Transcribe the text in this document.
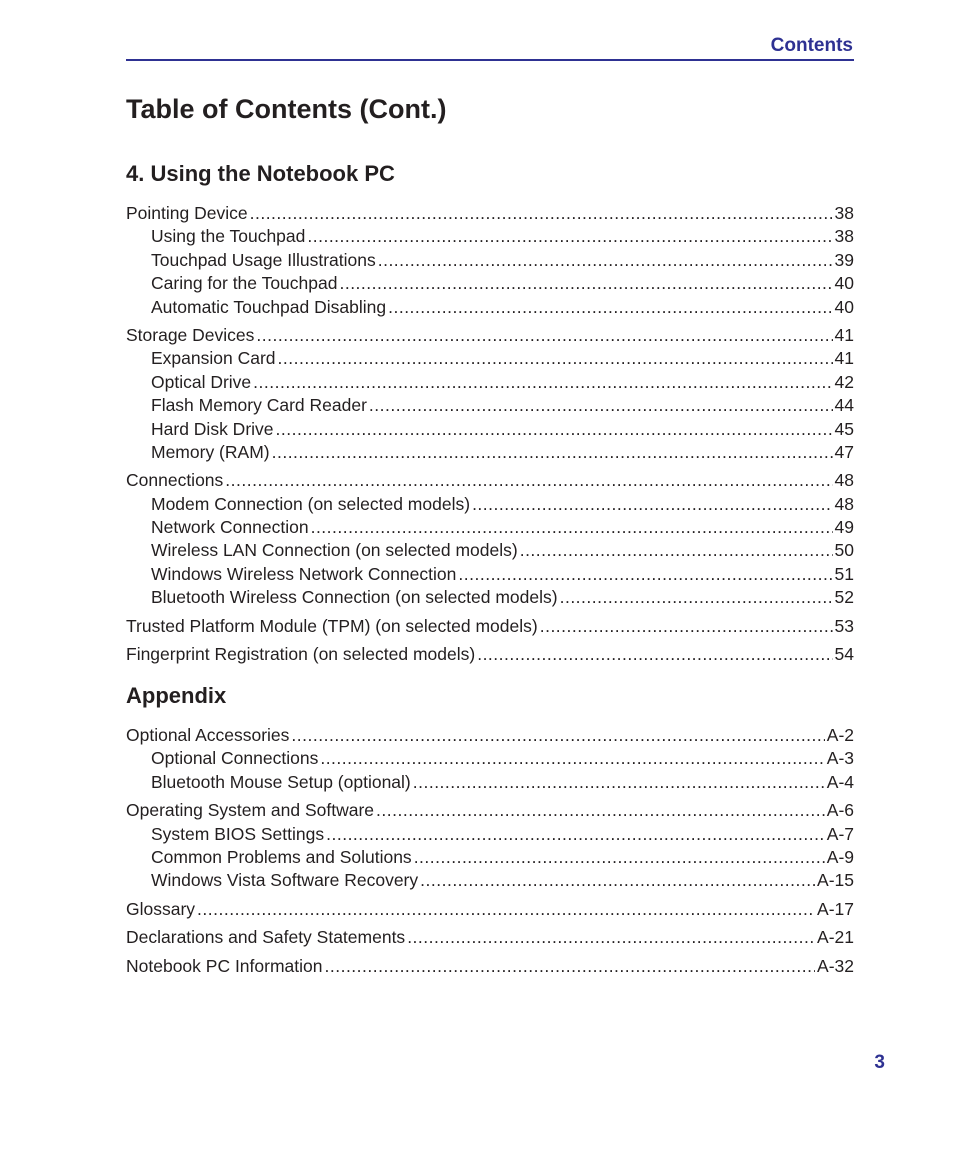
Contents
Table of Contents (Cont.)
4. Using the Notebook PC
Pointing Device .....	38
Using the Touchpad .....	38
Touchpad Usage Illustrations .....	39
Caring for the Touchpad .....	40
Automatic Touchpad Disabling .....	40
Storage Devices .....	41
Expansion Card .....	41
Optical Drive .....	42
Flash Memory Card Reader .....	44
Hard Disk Drive .....	45
Memory (RAM) .....	47
Connections .....	48
Modem Connection (on selected models) .....	48
Network Connection .....	49
Wireless LAN Connection (on selected models) .....	50
Windows Wireless Network Connection .....	51
Bluetooth Wireless Connection (on selected models) .....	52
Trusted Platform Module (TPM) (on selected models) .....	53
Fingerprint Registration (on selected models) .....	54
Appendix
Optional Accessories .....	A-2
Optional Connections .....	A-3
Bluetooth Mouse Setup (optional) .....	A-4
Operating System and Software .....	A-6
System BIOS Settings .....	A-7
Common Problems and Solutions .....	A-9
Windows Vista Software Recovery .....	A-15
Glossary .....	A-17
Declarations and Safety Statements .....	A-21
Notebook PC Information .....	A-32
3
